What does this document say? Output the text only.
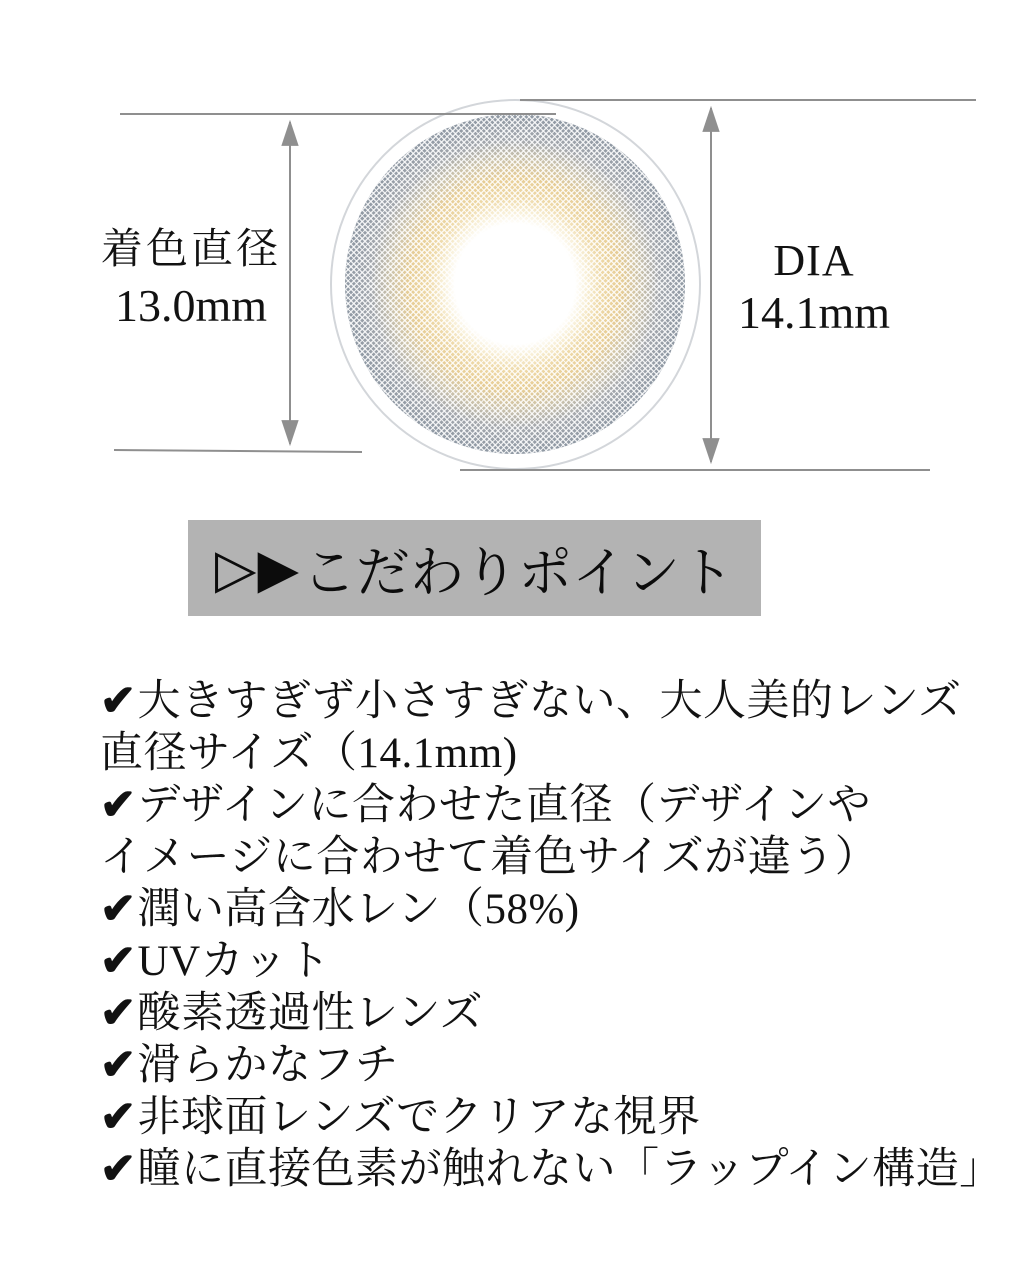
着色直径
13.0mm
DIA
14.1mm
▷▶ こだわりポイント
✔大きすぎず小さすぎない、大人美的レンズ
直径サイズ（14.1mm)
✔デザインに合わせた直径（デザインや
イメージに合わせて着色サイズが違う）
✔潤い高含水レン（58%)
✔UVカット
✔酸素透過性レンズ
✔滑らかなフチ
✔非球面レンズでクリアな視界
✔瞳に直接色素が触れない「ラップイン構造」
